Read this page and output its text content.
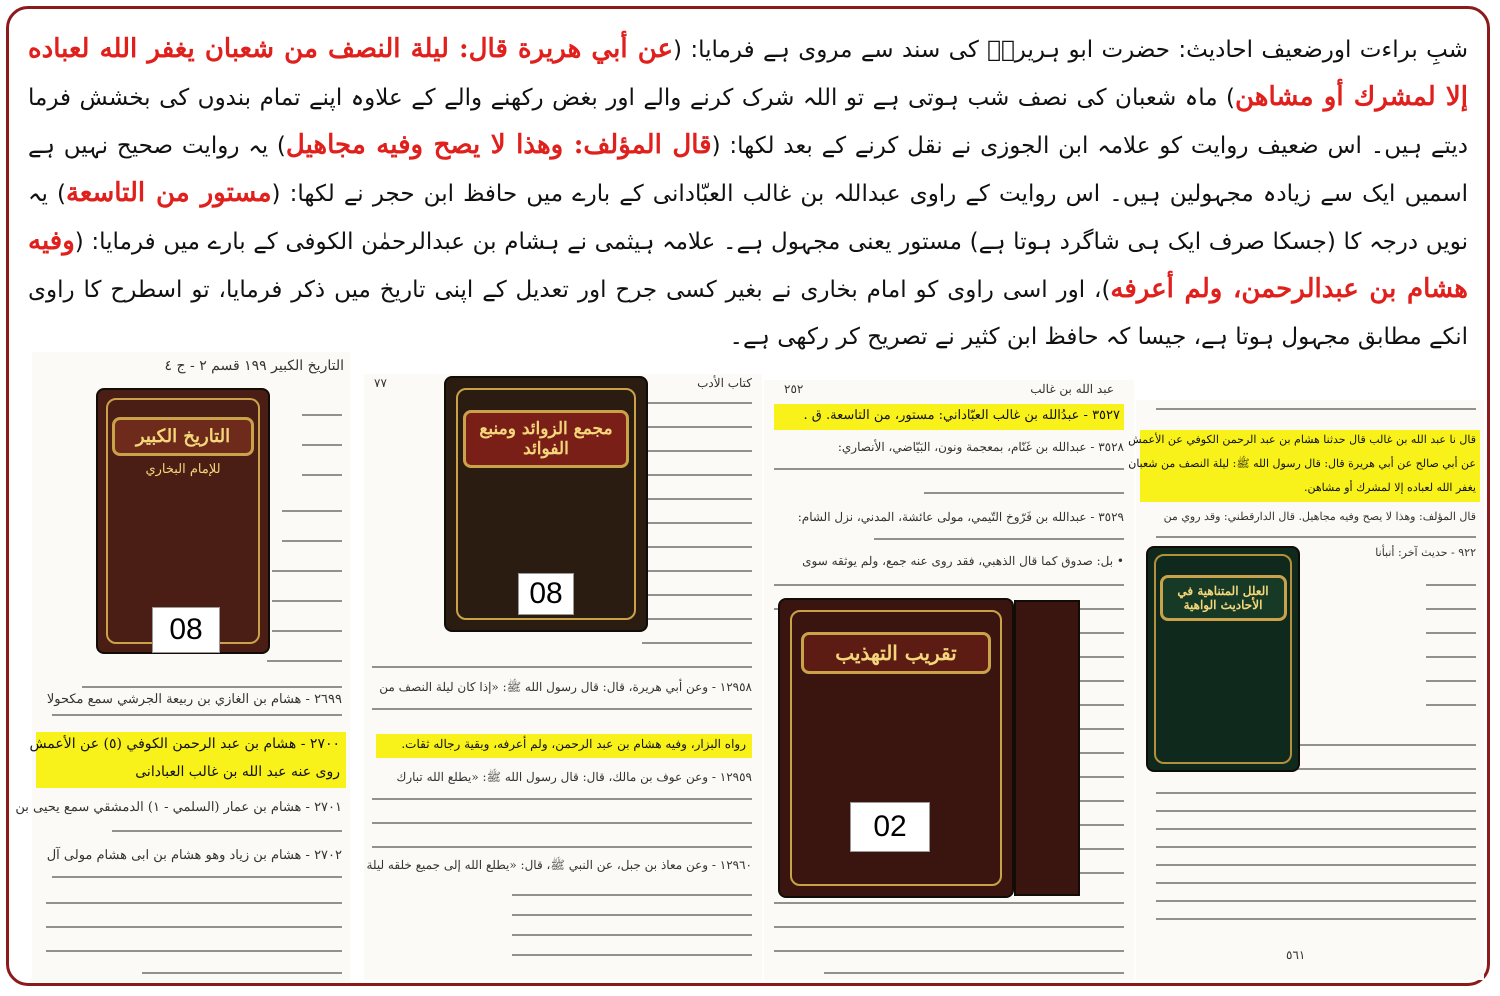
شبِ براءت اورضعیف احادیث: حضرت ابو ہریرہؓ کی سند سے مروی ہے فرمایا: (عن أبي هريرة قال: ليلة النصف من شعبان يغفر الله لعباده إلا لمشرك أو مشاهن) ماہ شعبان کی نصف شب ہوتی ہے تو اللہ شرک کرنے والے اور بغض رکھنے والے کے علاوہ اپنے تمام بندوں کی بخشش فرما دیتے ہیں۔ اس ضعیف روایت کو علامہ ابن الجوزی نے نقل کرنے کے بعد لکھا: (قال المؤلف: وهذا لا يصح وفيه مجاهيل) یہ روایت صحیح نہیں ہے اسمیں ایک سے زیادہ مجہولین ہیں۔ اس روایت کے راوی عبداللہ بن غالب العبّادانی کے بارے میں حافظ ابن حجر نے لکھا: (مستور من التاسعة) یہ نویں درجہ کا (جسکا صرف ایک ہی شاگرد ہوتا ہے) مستور یعنی مجہول ہے۔ علامہ ہیثمی نے ہشام بن عبدالرحمٰن الکوفی کے بارے میں فرمایا: (وفيه هشام بن عبدالرحمن، ولم أعرفه)، اور اسی راوی کو امام بخاری نے بغیر کسی جرح اور تعدیل کے اپنی تاریخ میں ذکر فرمایا، تو اسطرح کا راوی انکے مطابق مجہول ہوتا ہے، جیسا کہ حافظ ابن کثیر نے تصریح کر رکھی ہے۔
التاريخ الكبير ١٩٩ قسم ٢ - ج ٤
٢٦٩٩ - هشام بن الغازي بن ربيعة الجرشي سمع مكحولا
٢٧٠٠ - هشام بن عبد الرحمن الكوفي (٥) عن الأعمش
روى عنه عبد الله بن غالب العبادانى
٢٧٠١ - هشام بن عمار (السلمي - ١) الدمشقي سمع يحيى بن
٢٧٠٢ - هشام بن زياد وهو هشام بن ابى هشام مولى آل
التاريخ الكبير
للإمام البخاري
08
كتاب الأدب
٧٧
١٢٩٥٨ - وعن أبي هريرة، قال: قال رسول الله ﷺ: «إذا كان ليلة النصف من
رواه البزار، وفيه هشام بن عبد الرحمن، ولم أعرفه، وبقية رجاله ثقات.
١٢٩٥٩ - وعن عوف بن مالك، قال: قال رسول الله ﷺ: «يطلع الله تبارك
١٢٩٦٠ - وعن معاذ بن جبل، عن النبي ﷺ، قال: «يطلع الله إلى جميع خلقه ليلة
مجمع الزوائد ومنبع الفوائد
08
عبد الله بن غالب
٢٥٢
٣٥٢٧ - عبدُالله بن غالب العبّاداني: مستور، من التاسعة. ق .
٣٥٢٨ - عبدالله بن غَنّام، بمعجمة ونون، البَيّاضي، الأنصاري:
٣٥٢٩ - عبدالله بن فَرّوخ التّيمي، مولى عائشة، المدني، نزل الشام:
• بل: صدوق كما قال الذهبي، فقد روى عنه جمع، ولم يوثقه سوى
تقريب التهذيب
02
قال نا عبد الله بن غالب قال حدثنا هشام بن عبد الرحمن الكوفي عن الأعمش
عن أبي صالح عن أبي هريرة قال: قال رسول الله ﷺ: ليلة النصف من شعبان
يغفر الله لعباده إلا لمشرك أو مشاهن.
قال المؤلف: وهذا لا يصح وفيه مجاهيل. قال الدارقطني: وقد روي من
٩٢٢ - حديث آخر: أنبأنا
٥٦١
العلل المتناهية في الأحاديث الواهية
